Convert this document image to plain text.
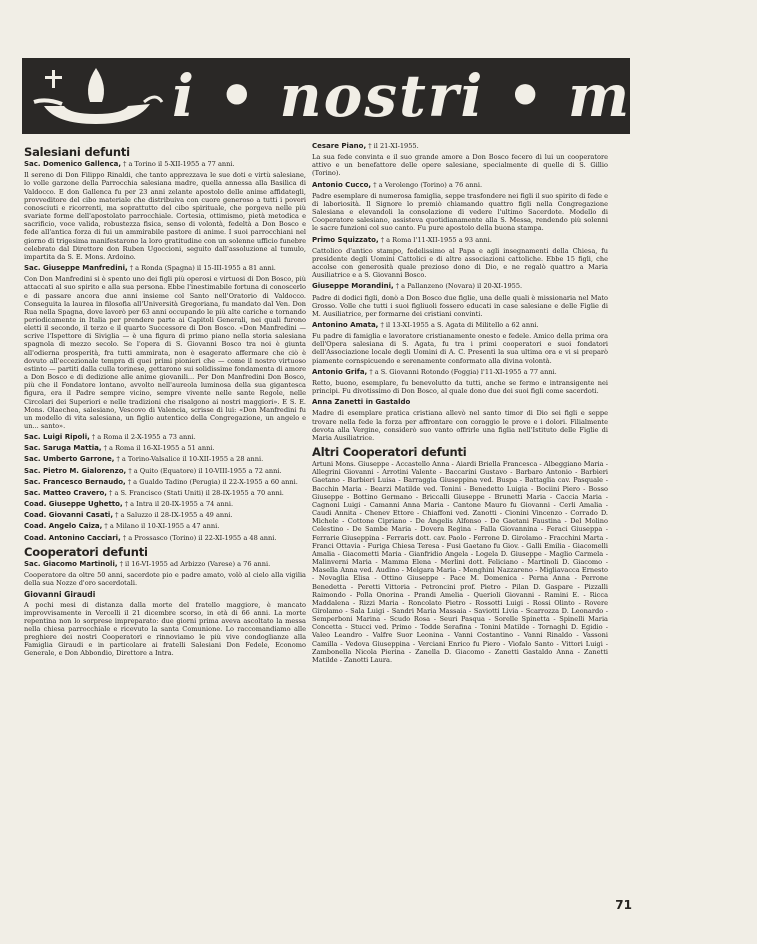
i • nostri • morti
Salesiani defunti

Sac. Domenico Gallenca, † a Torino il 5-XII-1955 a 77 anni.

Il sereno di Don Filippo Rinaldi, che tanto apprezzava le sue doti e virtù salesiane, lo volle garzone della Parrocchia salesiana madre, quella annessa alla Basilica di Valdocco. E don Gallenca fu per 23 anni zelante apostolo delle anime affidategli, provveditore del cibo materiale che distribuiva con cuore generoso a tutti i poveri conosciuti e ricorrenti, ma soprattutto del cibo spirituale, che porgeva nelle più svariate forme dell'apostolato parrocchiale. Cortesia, ottimismo, pietà metodica e sacrificio, voce valida, robustezza fisica, senso di volontà, fedeltà a Don Bosco e fede all'antica forza di fui un ammirabile pastore di anime. I suoi parrocchiani nel giorno di trigesima manifestarono la loro gratitudine con un solenne ufficio funebre celebrato dal Direttore don Ruben Ugoccioni, seguito dall'assoluzione al tumulo, impartita da S. E. Mons. Ardoino.

Sac. Giuseppe Manfredini, † a Ronda (Spagna) il 15-III-1955 a 81 anni.

Con Don Manfredini si è spento uno dei figli più operosi e virtuosi di Don Bosco, più attaccati al suo spirito e alla sua persona. Ebbe l'inestimabile fortuna di conoscerlo e di passare ancora due anni insieme col Santo nell'Oratorio di Valdocco. Conseguita la laurea in filosofia all'Università Gregoriana, fu mandato dal Ven. Don Rua nella Spagna, dove lavorò per 63 anni occupando le più alte cariche e tornando periodicamente in Italia per prendere parte ai Capitoli Generali, nei quali furono eletti il secondo, il terzo e il quarto Successore di Don Bosco. «Don Manfredini — scrive l'Ispettore di Siviglia — è una figura di primo piano nella storia salesiana spagnola di mezzo secolo. Se l'opera di S. Giovanni Bosco tra noi è giunta all'odierna prosperità, fra tutti ammirata, non è esagerato affermare che ciò è dovuto all'eccezionale tempra di quei primi pionieri che — come il nostro virtuoso estinto — partiti dalla culla torinese, gettarono sui solidissime fondamenta di amore a Don Bosco e di dedizione alle anime giovanili... Per Don Manfredini Don Bosco, più che il Fondatore lontano, avvolto nell'aureola luminosa della sua gigantesca figura, era il Padre sempre vicino, sempre vivente nelle sante Regole, nelle Circolari dei Superiori e nelle tradizioni che risalgono ai nostri maggiori». E S. E. Mons. Olaechea, salesiano, Vescovo di Valencia, scrisse di lui: «Don Manfredini fu un modello di vita salesiana, un figlio autentico della Congregazione, un angelo e un... santo».

Sac. Luigi Ripoli, † a Roma il 2-X-1955 a 73 anni.

Sac. Saruga Mattia, † a Roma il 16-XI-1955 a 51 anni.

Sac. Umberto Garrone, † a Torino-Valsalice il 10-XII-1955 a 28 anni.

Sac. Pietro M. Gialorenzo, † a Quito (Equatore) il 10-VIII-1955 a 72 anni.

Sac. Francesco Bernaudo, † a Gualdo Tadino (Perugia) il 22-X-1955 a 60 anni.

Sac. Matteo Cravero, † a S. Francisco (Stati Uniti) il 28-IX-1955 a 70 anni.

Coad. Giuseppe Ughetto, † a Intra il 20-IX-1955 a 74 anni.

Coad. Giovanni Casati, † a Saluzzo il 28-IX-1955 a 49 anni.

Coad. Angelo Caiza, † a Milano il 10-XI-1955 a 47 anni.

Coad. Antonino Cacciari, † a Prossasco (Torino) il 22-XI-1955 a 48 anni.

Cooperatori defunti

Sac. Giacomo Martinoli, † il 16-VI-1955 ad Arbizzo (Varese) a 76 anni.

Cooperatore da oltre 50 anni, sacerdote pio e padre amato, volò al cielo alla vigilia della sua Nozze d'oro sacerdotali.

Giovanni Giraudi

A pochi mesi di distanza dalla morte del fratello maggiore, è mancato improvvisamente in Vercelli il 21 dicembre scorso, in età di 66 anni. La morte repentina non lo sorprese impreparato: due giorni prima aveva ascoltato la messa nella chiesa parrocchiale e ricevuto la santa Comunione. Lo raccomandiamo alle preghiere dei nostri Cooperatori e rinnoviamo le più vive condoglianze alla Famiglia Giraudi e in particolare ai fratelli Salesiani Don Fedele, Economo Generale, e Don Abbondio, Direttore a Intra.

Cesare Piano, † il 21-XI-1955.

La sua fede convinta e il suo grande amore a Don Bosco fecero di lui un cooperatore attivo e un benefattore delle opere salesiane, specialmente di quelle di S. Gillio (Torino).

Antonio Cucco, † a Verolengo (Torino) a 76 anni.

Padre esemplare di numerosa famiglia, seppe trasfondere nei figli il suo spirito di fede e di laboriosità. Il Signore lo premiò chiamando quattro figli nella Congregazione Salesiana e elevandoli la consolazione di vedere l'ultimo Sacerdote. Modello di Cooperatore salesiano, assisteva quotidianamente alla S. Messa, rendendo più solenni le sacre funzioni col suo canto. Fu pure apostolo della buona stampa.

Primo Squizzato, † a Roma l'11-XII-1955 a 93 anni.

Cattolico d'antico stampo, fedelissimo al Papa e agli insegnamenti della Chiesa, fu presidente degli Uomini Cattolici e di altre associazioni cattoliche. Ebbe 15 figli, che accolse con generosità quale prezioso dono di Dio, e ne regalò quattro a Maria Ausiliatrice e a S. Giovanni Bosco.

Giuseppe Morandini, † a Pallanzeno (Novara) il 20-XI-1955.

Padre di dodici figli, donò a Don Bosco due figlie, una delle quali è missionaria nel Mato Grosso. Volle che tutti i suoi figliuoli fossero educati in case salesiane e delle Figlie di M. Ausiliatrice, per formarne dei cristiani convinti.

Antonino Amata, † il 13-XI-1955 a S. Agata di Militello a 62 anni.

Fu padre di famiglia e lavoratore cristianamente onesto e fedele. Amico della prima ora dell'Opera salesiana di S. Agata, fu tra i primi cooperatori e suoi fondatori dell'Associazione locale degli Uomini di A. C. Presentì la sua ultima ora e vi si preparò piamente cornspicuendo e serenamente conformato alla divina volontà.

Antonio Grifa, † a S. Giovanni Rotondo (Foggia) l'11-XI-1955 a 77 anni.

Retto, buono, esemplare, fu benevolutto da tutti, anche se fermo e intransigente nei principi. Fu divotissimo di Don Bosco, al quale dono due dei suoi figli come sacerdoti.

Anna Zanetti in Gastaldo

Madre di esemplare pratica cristiana allevò nel santo timor di Dio sei figli e seppe trovare nella fede la forza per affrontare con coraggio le prove e i dolori. Filialmente devota alla Vergine, considerò suo vanto offrirle una figlia nell'Istituto delle Figlie di Maria Ausiliatrice.

Altri Cooperatori defunti

Artuni Mons. Giuseppe - Accastello Anna - Aiardi Briella Francesca - Albeggiano Maria - Allegrini Giovanni - Arrotini Valente - Baccarini Gustavo - Barbaro Antonio - Barbieri Gaetano - Barbieri Luisa - Barraggia Giuseppina ved. Buspa - Battaglia cav. Pasquale - Bacchin Maria - Bearzi Matilde ved. Tonini - Benedetto Luigia - Bociini Piero - Bosso Giuseppe - Bottino Germano - Briccalli Giuseppe - Brunetti Maria - Caccia Maria - Cagnoni Luigi - Camanni Anna Maria - Cantone Mauro fu Giovanni - Cerli Amalia - Caudi Annita - Chenev Ettore - Chiaffoni ved. Zanotti - Cionini Vincenzo - Corrado D. Michele - Cottone Cipriano - De Angelis Alfonso - De Gaetani Faustina - Del Molino Celestino - De Sambe Maria - Dovera Regina - Falla Giovannina - Feraci Giuseppa - Ferrarie Giuseppina - Ferraris dott. cav. Paolo - Ferrone D. Girolamo - Fracchini Marta - Franci Ottavia - Furiga Chiesa Teresa - Fusi Gaetano fu Giov. - Galli Emilia - Giacomelli Amalia - Giacometti Maria - Gianfridio Angela - Logela D. Giuseppe - Maglio Carmela - Malinverni Maria - Mamma Elena - Merlini dott. Feliciano - Martinoli D. Giacomo - Masella Anna ved. Audino - Melgara Maria - Menghini Nazzareno - Migliavacca Ernesto - Novaglia Elisa - Ottino Giuseppe - Pace M. Domenica - Perna Anna - Perrone Benedetta - Peretti Vittoria - Petroncini prof. Pietro - Pilan D. Gaspare - Pizzalli Raimondo - Polla Onorina - Prandi Amelia - Querioli Giovanni - Ramini E. - Ricca Maddalena - Rizzi Maria - Roncolato Pietro - Rossotti Luigi - Rossi Olinto - Rovere Girolamo - Sala Luigi - Sandri Maria Massaia - Saviotti Livia - Scarrozza D. Leonardo - Semperboni Marina - Scudo Rosa - Seuri Pasqua - Sorelle Spinetta - Spinelli Maria Concetta - Stucci ved. Primo - Todde Serafina - Tonini Matilde - Tornaghi D. Egidio - Valeo Leandro - Valfre Suor Leonina - Vanni Costantino - Vanni Rinaldo - Vassoni Camilla - Vedova Giuseppina - Verciani Enrico fu Piero - Viofalo Santo - Vittori Luigi - Zambonella Nicola Pierina - Zanella D. Giacomo - Zanetti Gastaldo Anna - Zanetti Matilde - Zanotti Laura.

71
